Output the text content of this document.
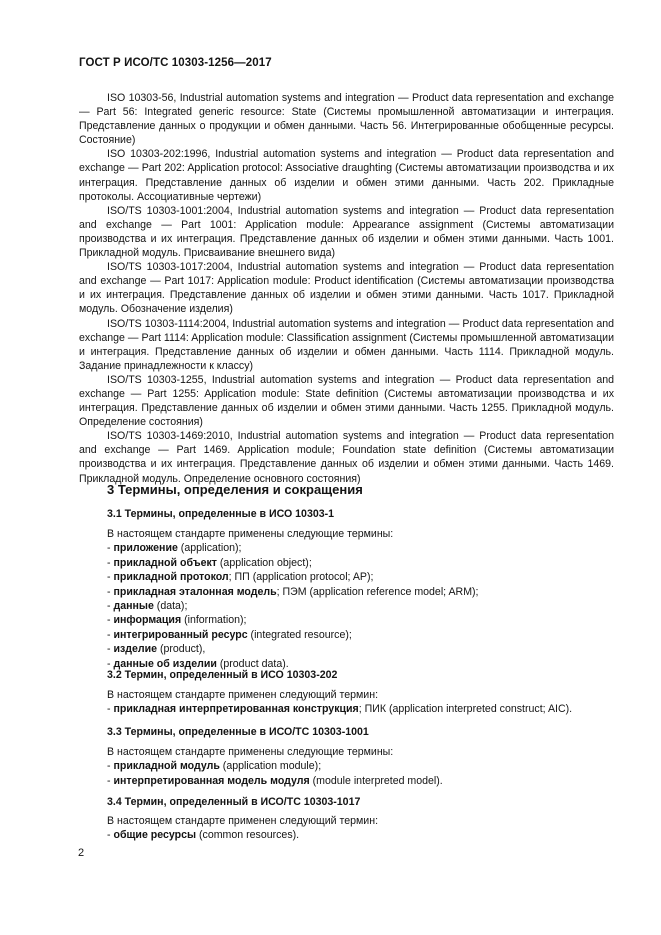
ГОСТ Р ИСО/ТС 10303-1256—2017

ISO 10303-56, Industrial automation systems and integration — Product data representation and exchange — Part 56: Integrated generic resource: State (Системы промышленной автоматизации и интеграция. Представление данных о продукции и обмен данными. Часть 56. Интегрированные обобщенные ресурсы. Состояние)

ISO 10303-202:1996, Industrial automation systems and integration — Product data representation and exchange — Part 202: Application protocol: Associative draughting (Системы автоматизации производства и их интеграция. Представление данных об изделии и обмен этими данными. Часть 202. Прикладные протоколы. Ассоциативные чертежи)

ISO/TS 10303-1001:2004, Industrial automation systems and integration — Product data representation and exchange — Part 1001: Application module: Appearance assignment (Системы автоматизации производства и их интеграция. Представление данных об изделии и обмен этими данными. Часть 1001. Прикладной модуль. Присваивание внешнего вида)

ISO/TS 10303-1017:2004, Industrial automation systems and integration — Product data representation and exchange — Part 1017: Application module: Product identification (Системы автоматизации производства и их интеграция. Представление данных об изделии и обмен этими данными. Часть 1017. Прикладной модуль. Обозначение изделия)

ISO/TS 10303-1114:2004, Industrial automation systems and integration — Product data representation and exchange — Part 1114: Application module: Classification assignment (Системы промышленной автоматизации и интеграция. Представление данных об изделии и обмен данными. Часть 1114. Прикладной модуль. Задание принадлежности к классу)

ISO/TS 10303-1255, Industrial automation systems and integration — Product data representation and exchange — Part 1255: Application module: State definition (Системы автоматизации производства и их интеграция. Представление данных об изделии и обмен этими данными. Часть 1255. Прикладной модуль. Определение состояния)

ISO/TS 10303-1469:2010, Industrial automation systems and integration — Product data representation and exchange — Part 1469. Application module; Foundation state definition (Системы автоматизации производства и их интеграция. Представление данных об изделии и обмен этими данными. Часть 1469. Прикладной модуль. Определение основного состояния)

3 Термины, определения и сокращения
3.1 Термины, определенные в ИСО 10303-1
В настоящем стандарте применены следующие термины:
- приложение (application);
- прикладной объект (application object);
- прикладной протокол; ПП (application protocol; AP);
- прикладная эталонная модель; ПЭМ (application reference model; ARM);
- данные (data);
- информация (information);
- интегрированный ресурс (integrated resource);
- изделие (product),
- данные об изделии (product data).
3.2 Термин, определенный в ИСО 10303-202
В настоящем стандарте применен следующий термин:
- прикладная интерпретированная конструкция; ПИК (application interpreted construct; AIC).
3.3 Термины, определенные в ИСО/ТС 10303-1001
В настоящем стандарте применены следующие термины:
- прикладной модуль (application module);
- интерпретированная модель модуля (module interpreted model).
3.4 Термин, определенный в ИСО/ТС 10303-1017
В настоящем стандарте применен следующий термин:
- общие ресурсы (common resources).
2
